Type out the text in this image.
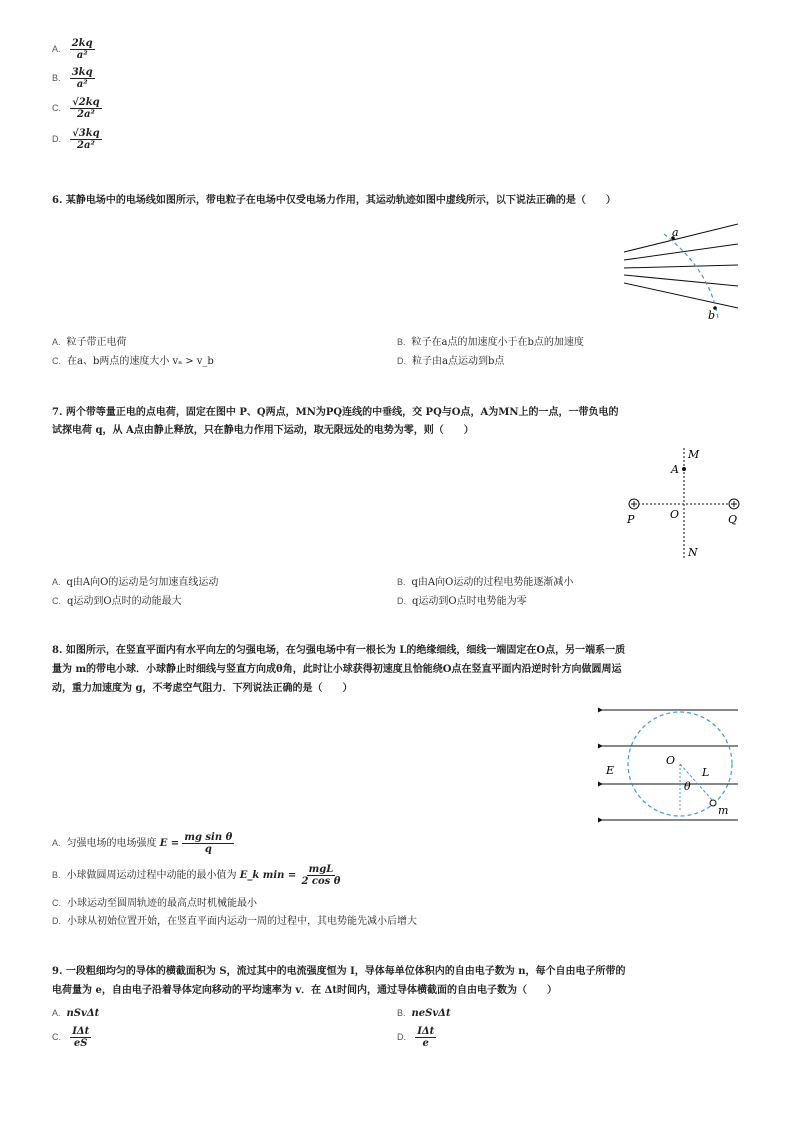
A. $\frac{2kq}{\text{a²}}$
B. $\frac{3kq}{\text{a²}}$
C. $\frac{√2kq}{\text{2a²}}$
D. $\frac{√3kq}{\text{2a²}}$
6. 某静电场中的电场线如图所示，带电粒子在电场中仅受电场力作用，其运动轨迹如图中虚线所示，以下说法正确的是（　　）
a
b
A. 粒子带正电荷	B. 粒子在a点的加速度小于在b点的加速度
C. 在a、b两点的速度大小 vₐ > v_b	D. 粒子由a点运动到b点
7. 两个带等量正电的点电荷，固定在图中 P、Q两点，MN为PQ连线的中垂线，交 PQ与O点，A为MN上的一点，一带负电的
试探电荷 q，从 A点由静止释放，只在静电力作用下运动，取无限远处的电势为零，则（　　）
M
A
P	O	Q
N
A. q由A向O的运动是匀加速直线运动	B. q由A向O运动的过程电势能逐渐减小
C. q运动到O点时的动能最大	D. q运动到O点时电势能为零
8. 如图所示，在竖直平面内有水平向左的匀强电场，在匀强电场中有一根长为 L的绝缘细线，细线一端固定在O点，另一端系一质
量为 m的带电小球．小球静止时细线与竖直方向成θ角，此时让小球获得初速度且恰能绕O点在竖直平面内沿逆时针方向做圆周运
动，重力加速度为 g，不考虑空气阻力．下列说法正确的是（　　）
E
O
L
θ
m
A. 匀强电场的电场强度 $E = \frac{\text{mg sin θ}}{q}$
B. 小球做圆周运动过程中动能的最小值为 E_k $\min = \frac{\text{mgL}}{\text{2 cos θ}}$
C. 小球运动至圆周轨迹的最高点时机械能最小
D. 小球从初始位置开始，在竖直平面内运动一周的过程中，其电势能先减小后增大
9. 一段粗细均匀的导体的横截面积为 S，流过其中的电流强度恒为 I，导体每单位体积内的自由电子数为 n，每个自由电子所带的
电荷量为 e，自由电子沿着导体定向移动的平均速率为 v．在 Δt时间内，通过导体横截面的自由电子数为（　　）
A. nSvΔt	B. neSvΔt
C. $\frac{\text{IΔt}}{eS}$	D. $\frac{\text{IΔt}}{e}$
